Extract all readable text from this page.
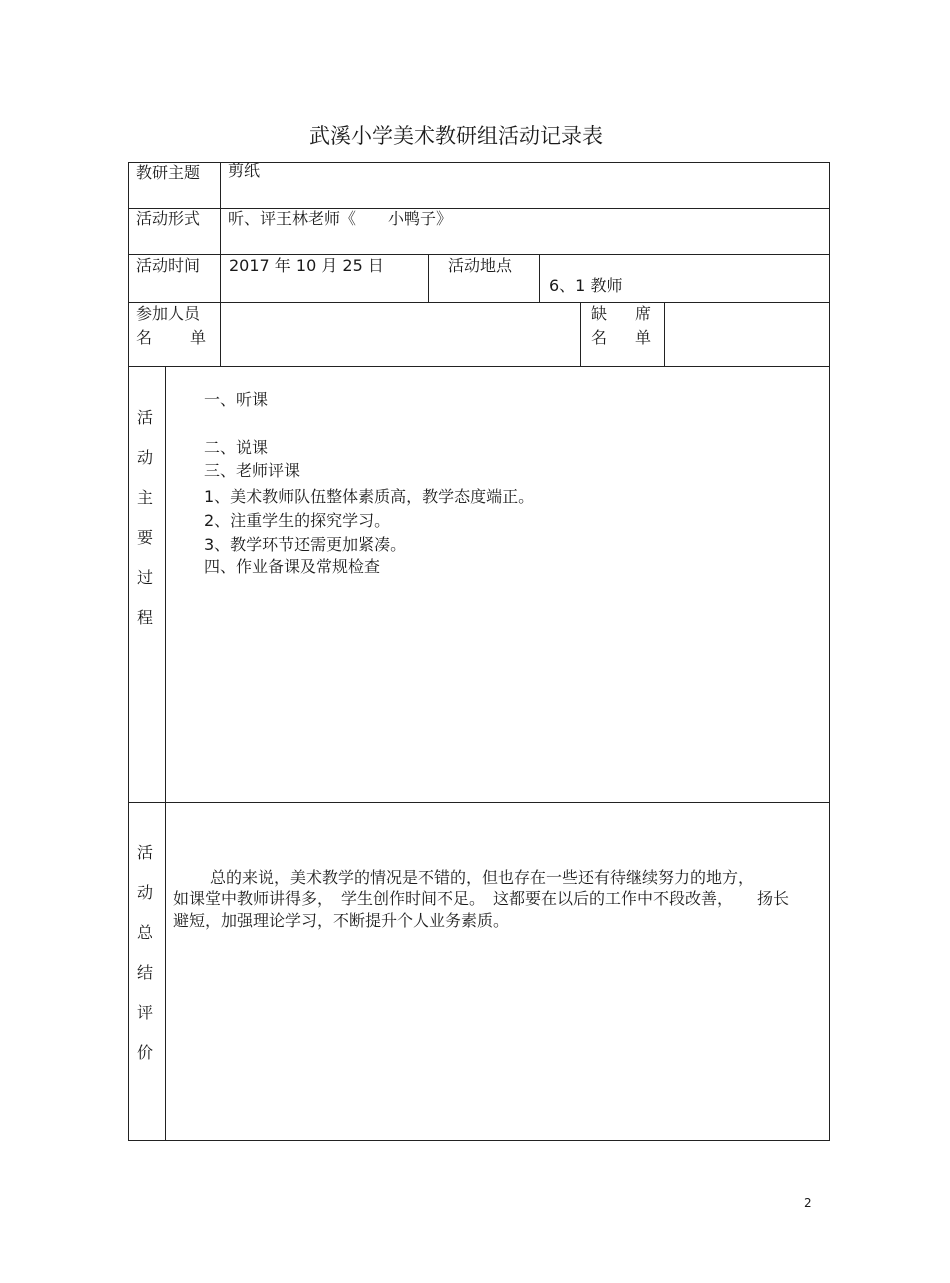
武溪小学美术教研组活动记录表
教研主题 剪纸
活动形式 听、评王林老师《　　小鸭子》
活动时间 2017 年 10 月 25 日	活动地点
6、1 教师
参加人员
名 单
缺 席
名 单
活
动
主
要
过
程
一、听课
二、说课
三、老师评课
1、美术教师队伍整体素质高，教学态度端正。
2、注重学生的探究学习。
3、教学环节还需更加紧凑。
四、作业备课及常规检查
活
动
总
结
评
价
总的来说，美术教学的情况是不错的，但也存在一些还有待继续努力的地方，
如课堂中教师讲得多，　学生创作时间不足。　这都要在以后的工作中不段改善，　　扬长
避短，加强理论学习，不断提升个人业务素质。
2
